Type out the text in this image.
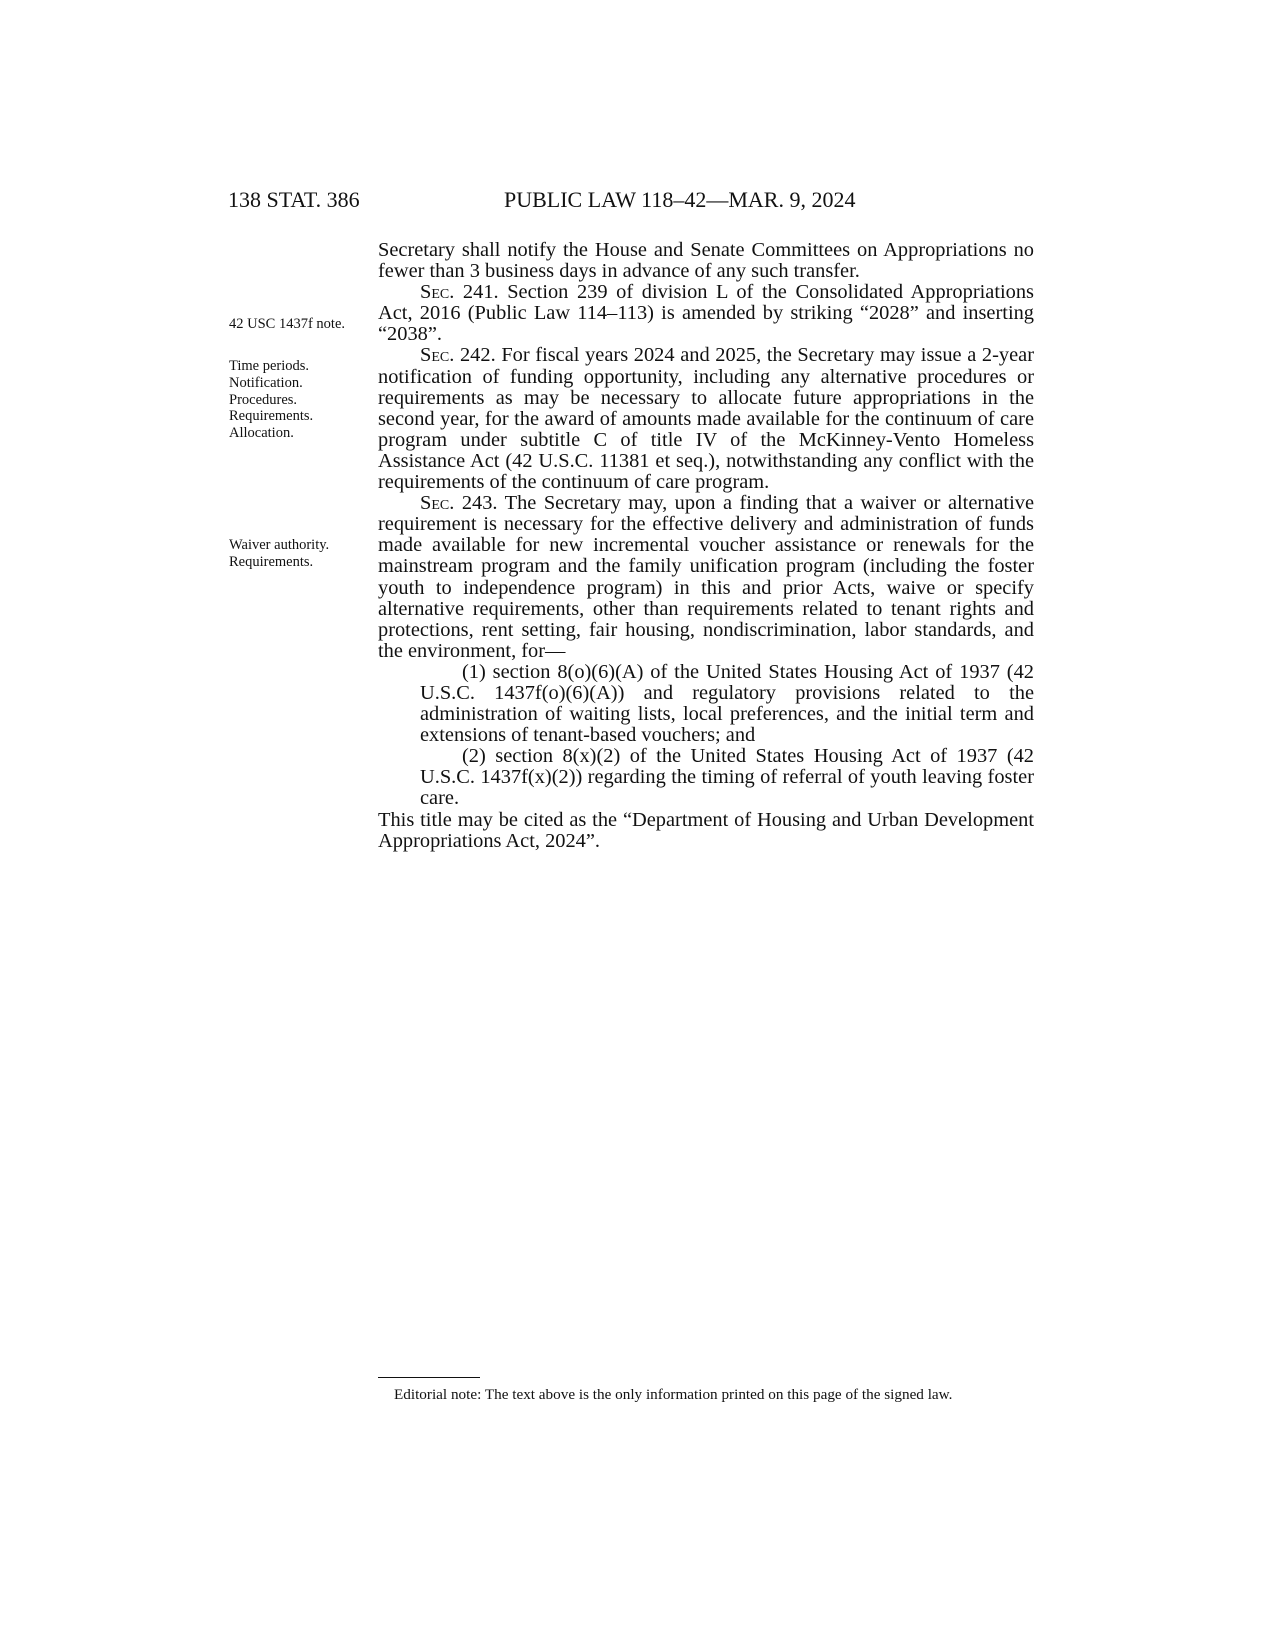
138 STAT. 386	PUBLIC LAW 118–42—MAR. 9, 2024
42 USC 1437f note.
Time periods. Notification. Procedures. Requirements. Allocation.
Waiver authority. Requirements.

Secretary shall notify the House and Senate Committees on Appropriations no fewer than 3 business days in advance of any such transfer.

Sec. 241. Section 239 of division L of the Consolidated Appropriations Act, 2016 (Public Law 114–113) is amended by striking “2028” and inserting “2038”.

Sec. 242. For fiscal years 2024 and 2025, the Secretary may issue a 2-year notification of funding opportunity, including any alternative procedures or requirements as may be necessary to allocate future appropriations in the second year, for the award of amounts made available for the continuum of care program under subtitle C of title IV of the McKinney-Vento Homeless Assistance Act (42 U.S.C. 11381 et seq.), notwithstanding any conflict with the requirements of the continuum of care program.

Sec. 243. The Secretary may, upon a finding that a waiver or alternative requirement is necessary for the effective delivery and administration of funds made available for new incremental voucher assistance or renewals for the mainstream program and the family unification program (including the foster youth to independence program) in this and prior Acts, waive or specify alternative requirements, other than requirements related to tenant rights and protections, rent setting, fair housing, nondiscrimination, labor standards, and the environment, for—

(1) section 8(o)(6)(A) of the United States Housing Act of 1937 (42 U.S.C. 1437f(o)(6)(A)) and regulatory provisions related to the administration of waiting lists, local preferences, and the initial term and extensions of tenant-based vouchers; and

(2) section 8(x)(2) of the United States Housing Act of 1937 (42 U.S.C. 1437f(x)(2)) regarding the timing of referral of youth leaving foster care.

This title may be cited as the “Department of Housing and Urban Development Appropriations Act, 2024”.

Editorial note: The text above is the only information printed on this page of the signed law.
